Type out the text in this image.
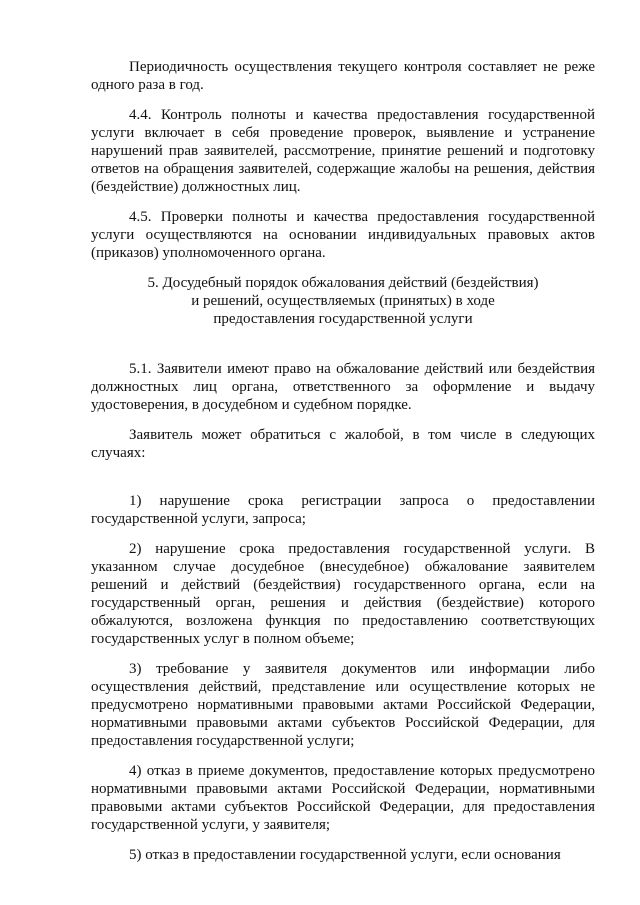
Периодичность осуществления текущего контроля составляет не реже одного раза в год.

4.4. Контроль полноты и качества предоставления государственной услуги включает в себя проведение проверок, выявление и устранение нарушений прав заявителей, рассмотрение, принятие решений и подготовку ответов на обращения заявителей, содержащие жалобы на решения, действия (бездействие) должностных лиц.

4.5. Проверки полноты и качества предоставления государственной услуги осуществляются на основании индивидуальных правовых актов (приказов) уполномоченного органа.

5. Досудебный порядок обжалования действий (бездействия)
и решений, осуществляемых (принятых) в ходе
предоставления государственной услуги

5.1. Заявители имеют право на обжалование действий или бездействия должностных лиц органа, ответственного за оформление и выдачу удостоверения, в досудебном и судебном порядке.

Заявитель может обратиться с жалобой, в том числе в следующих случаях:

1) нарушение срока регистрации запроса о предоставлении государственной услуги, запроса;

2) нарушение срока предоставления государственной услуги. В указанном случае досудебное (внесудебное) обжалование заявителем решений и действий (бездействия) государственного органа, если на государственный орган, решения и действия (бездействие) которого обжалуются, возложена функция по предоставлению соответствующих государственных услуг в полном объеме;

3) требование у заявителя документов или информации либо осуществления действий, представление или осуществление которых не предусмотрено нормативными правовыми актами Российской Федерации, нормативными правовыми актами субъектов Российской Федерации, для предоставления государственной услуги;

4) отказ в приеме документов, предоставление которых предусмотрено нормативными правовыми актами Российской Федерации, нормативными правовыми актами субъектов Российской Федерации, для предоставления государственной услуги, у заявителя;

5) отказ в предоставлении государственной услуги, если основания
